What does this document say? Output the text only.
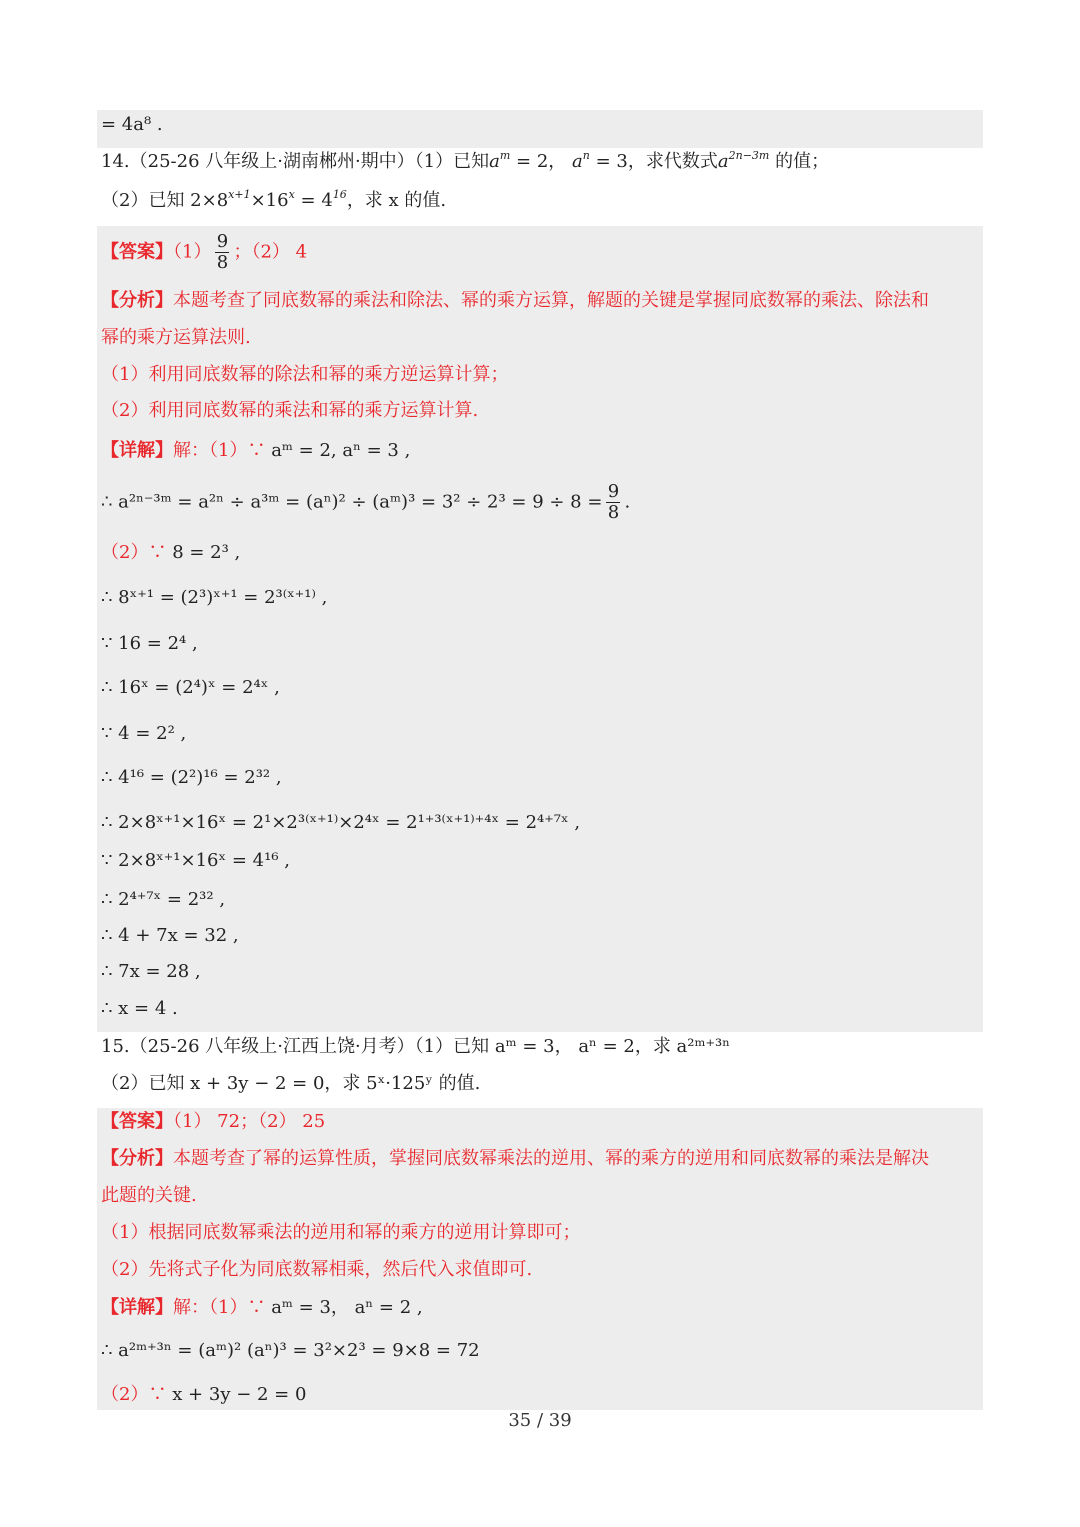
= 4a⁸ .
14.（25-26 八年级上·湖南郴州·期中）（1）已知$a^m = 2$， $a^n = 3$，求代数式$a^{2n-3m}$ 的值；
（2）已知 $2\times 8^{x+1}\times 16^x = 4^{16}$，求 x 的值.
【答案】$(1) \frac{9}{8}$ ；（2） 4
【分析】本题考查了同底数幂的乘法和除法、幂的乘方运算，解题的关键是掌握同底数幂的乘法、除法和
幂的乘方运算法则.
（1）利用同底数幂的除法和幂的乘方逆运算计算；
（2）利用同底数幂的乘法和幂的乘方运算计算.
【详解】解：（1）∵ aᵐ = 2, aⁿ = 3 ,
∴ a²ⁿ⁻³ᵐ = a²ⁿ ÷ a³ᵐ = (aⁿ)² ÷ (aᵐ)³ = $3^2 \div 2^3 = 9 \div 8 = \frac{9}{8}$ .
（2）∵ 8 = 2³ ,
∴ 8ˣ⁺¹ = (2³)ˣ⁺¹ = 2³⁽ˣ⁺¹⁾ ,
∵ 16 = 2⁴ ,
∴ 16ˣ = (2⁴)ˣ = 2⁴ˣ ,
∵ 4 = 2² ,
∴ 4¹⁶ = (2²)¹⁶ = 2³² ,
∴ 2×8ˣ⁺¹×16ˣ = 2¹×2³⁽ˣ⁺¹⁾×2⁴ˣ = 2¹⁺³⁽ˣ⁺¹⁾⁺⁴ˣ = 2⁴⁺⁷ˣ ,
∵ 2×8ˣ⁺¹×16ˣ = 4¹⁶ ,
∴ 2⁴⁺⁷ˣ = 2³² ,
∴ 4 + 7x = 32 ,
∴ 7x = 28 ,
∴ x = 4 .
15.（25-26 八年级上·江西上饶·月考）（1）已知 aᵐ = 3， aⁿ = 2，求 a²ᵐ⁺³ⁿ
（2）已知 x + 3y − 2 = 0，求 5ˣ·125ʸ 的值.
【答案】（1） 72；（2） 25
【分析】本题考查了幂的运算性质，掌握同底数幂乘法的逆用、幂的乘方的逆用和同底数幂的乘法是解决
此题的关键.
（1）根据同底数幂乘法的逆用和幂的乘方的逆用计算即可；
（2）先将式子化为同底数幂相乘，然后代入求值即可.
【详解】解：（1）∵ aᵐ = 3， aⁿ = 2 ,
∴ a²ᵐ⁺³ⁿ = (aᵐ)² (aⁿ)³ = 3²×2³ = 9×8 = 72
（2）∵ x + 3y − 2 = 0
35 / 39
